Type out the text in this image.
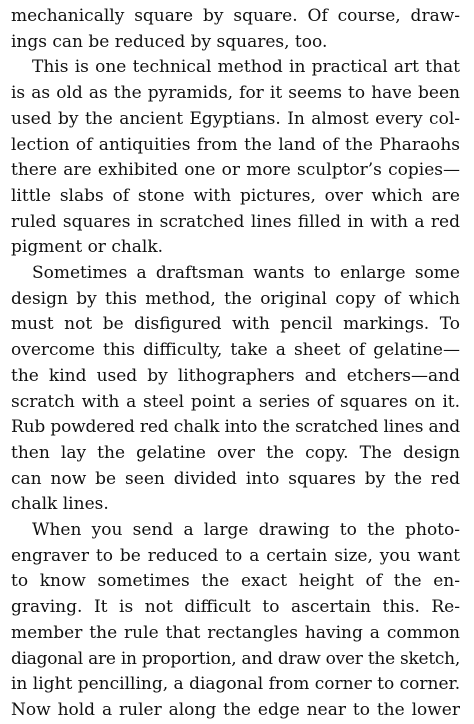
mechanically square by square. Of course, draw-
ings can be reduced by squares, too.
This is one technical method in practical art that
is as old as the pyramids, for it seems to have been
used by the ancient Egyptians. In almost every col-
lection of antiquities from the land of the Pharaohs
there are exhibited one or more sculptor’s copies—
little slabs of stone with pictures, over which are
ruled squares in scratched lines filled in with a red
pigment or chalk.
Sometimes a draftsman wants to enlarge some
design by this method, the original copy of which
must not be disfigured with pencil markings. To
overcome this difficulty, take a sheet of gelatine—
the kind used by lithographers and etchers—and
scratch with a steel point a series of squares on it.
Rub powdered red chalk into the scratched lines and
then lay the gelatine over the copy. The design
can now be seen divided into squares by the red
chalk lines.
When you send a large drawing to the photo-
engraver to be reduced to a certain size, you want
to know sometimes the exact height of the en-
graving. It is not difficult to ascertain this. Re-
member the rule that rectangles having a common
diagonal are in proportion, and draw over the sketch,
in light pencilling, a diagonal from corner to corner.
Now hold a ruler along the edge near to the lower
